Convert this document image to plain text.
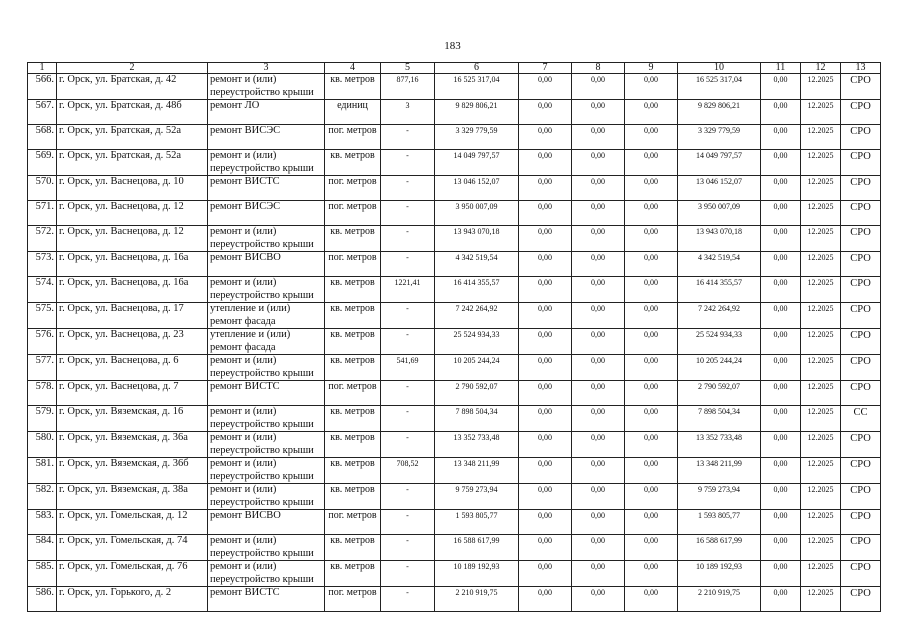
183
1	2	3	4	5	6	7	8	9	10	11	12	13
566.	г. Орск, ул. Братская, д. 42	ремонт и (или) переустройство крыши	кв. метров	877,16	16 525 317,04	0,00	0,00	0,00	16 525 317,04	0,00	12.2025	СРО
567.	г. Орск, ул. Братская, д. 48б	ремонт ЛО	единиц	3	9 829 806,21	0,00	0,00	0,00	9 829 806,21	0,00	12.2025	СРО
568.	г. Орск, ул. Братская, д. 52а	ремонт ВИСЭС	пог. метров	-	3 329 779,59	0,00	0,00	0,00	3 329 779,59	0,00	12.2025	СРО
569.	г. Орск, ул. Братская, д. 52а	ремонт и (или) переустройство крыши	кв. метров	-	14 049 797,57	0,00	0,00	0,00	14 049 797,57	0,00	12.2025	СРО
570.	г. Орск, ул. Васнецова, д. 10	ремонт ВИСТС	пог. метров	-	13 046 152,07	0,00	0,00	0,00	13 046 152,07	0,00	12.2025	СРО
571.	г. Орск, ул. Васнецова, д. 12	ремонт ВИСЭС	пог. метров	-	3 950 007,09	0,00	0,00	0,00	3 950 007,09	0,00	12.2025	СРО
572.	г. Орск, ул. Васнецова, д. 12	ремонт и (или) переустройство крыши	кв. метров	-	13 943 070,18	0,00	0,00	0,00	13 943 070,18	0,00	12.2025	СРО
573.	г. Орск, ул. Васнецова, д. 16а	ремонт ВИСВО	пог. метров	-	4 342 519,54	0,00	0,00	0,00	4 342 519,54	0,00	12.2025	СРО
574.	г. Орск, ул. Васнецова, д. 16а	ремонт и (или) переустройство крыши	кв. метров	1221,41	16 414 355,57	0,00	0,00	0,00	16 414 355,57	0,00	12.2025	СРО
575.	г. Орск, ул. Васнецова, д. 17	утепление и (или) ремонт фасада	кв. метров	-	7 242 264,92	0,00	0,00	0,00	7 242 264,92	0,00	12.2025	СРО
576.	г. Орск, ул. Васнецова, д. 23	утепление и (или) ремонт фасада	кв. метров	-	25 524 934,33	0,00	0,00	0,00	25 524 934,33	0,00	12.2025	СРО
577.	г. Орск, ул. Васнецова, д. 6	ремонт и (или) переустройство крыши	кв. метров	541,69	10 205 244,24	0,00	0,00	0,00	10 205 244,24	0,00	12.2025	СРО
578.	г. Орск, ул. Васнецова, д. 7	ремонт ВИСТС	пог. метров	-	2 790 592,07	0,00	0,00	0,00	2 790 592,07	0,00	12.2025	СРО
579.	г. Орск, ул. Вяземская, д. 16	ремонт и (или) переустройство крыши	кв. метров	-	7 898 504,34	0,00	0,00	0,00	7 898 504,34	0,00	12.2025	СС
580.	г. Орск, ул. Вяземская, д. 36а	ремонт и (или) переустройство крыши	кв. метров	-	13 352 733,48	0,00	0,00	0,00	13 352 733,48	0,00	12.2025	СРО
581.	г. Орск, ул. Вяземская, д. 36б	ремонт и (или) переустройство крыши	кв. метров	708,52	13 348 211,99	0,00	0,00	0,00	13 348 211,99	0,00	12.2025	СРО
582.	г. Орск, ул. Вяземская, д. 38а	ремонт и (или) переустройство крыши	кв. метров	-	9 759 273,94	0,00	0,00	0,00	9 759 273,94	0,00	12.2025	СРО
583.	г. Орск, ул. Гомельская, д. 12	ремонт ВИСВО	пог. метров	-	1 593 805,77	0,00	0,00	0,00	1 593 805,77	0,00	12.2025	СРО
584.	г. Орск, ул. Гомельская, д. 74	ремонт и (или) переустройство крыши	кв. метров	-	16 588 617,99	0,00	0,00	0,00	16 588 617,99	0,00	12.2025	СРО
585.	г. Орск, ул. Гомельская, д. 76	ремонт и (или) переустройство крыши	кв. метров	-	10 189 192,93	0,00	0,00	0,00	10 189 192,93	0,00	12.2025	СРО
586.	г. Орск, ул. Горького, д. 2	ремонт ВИСТС	пог. метров	-	2 210 919,75	0,00	0,00	0,00	2 210 919,75	0,00	12.2025	СРО
